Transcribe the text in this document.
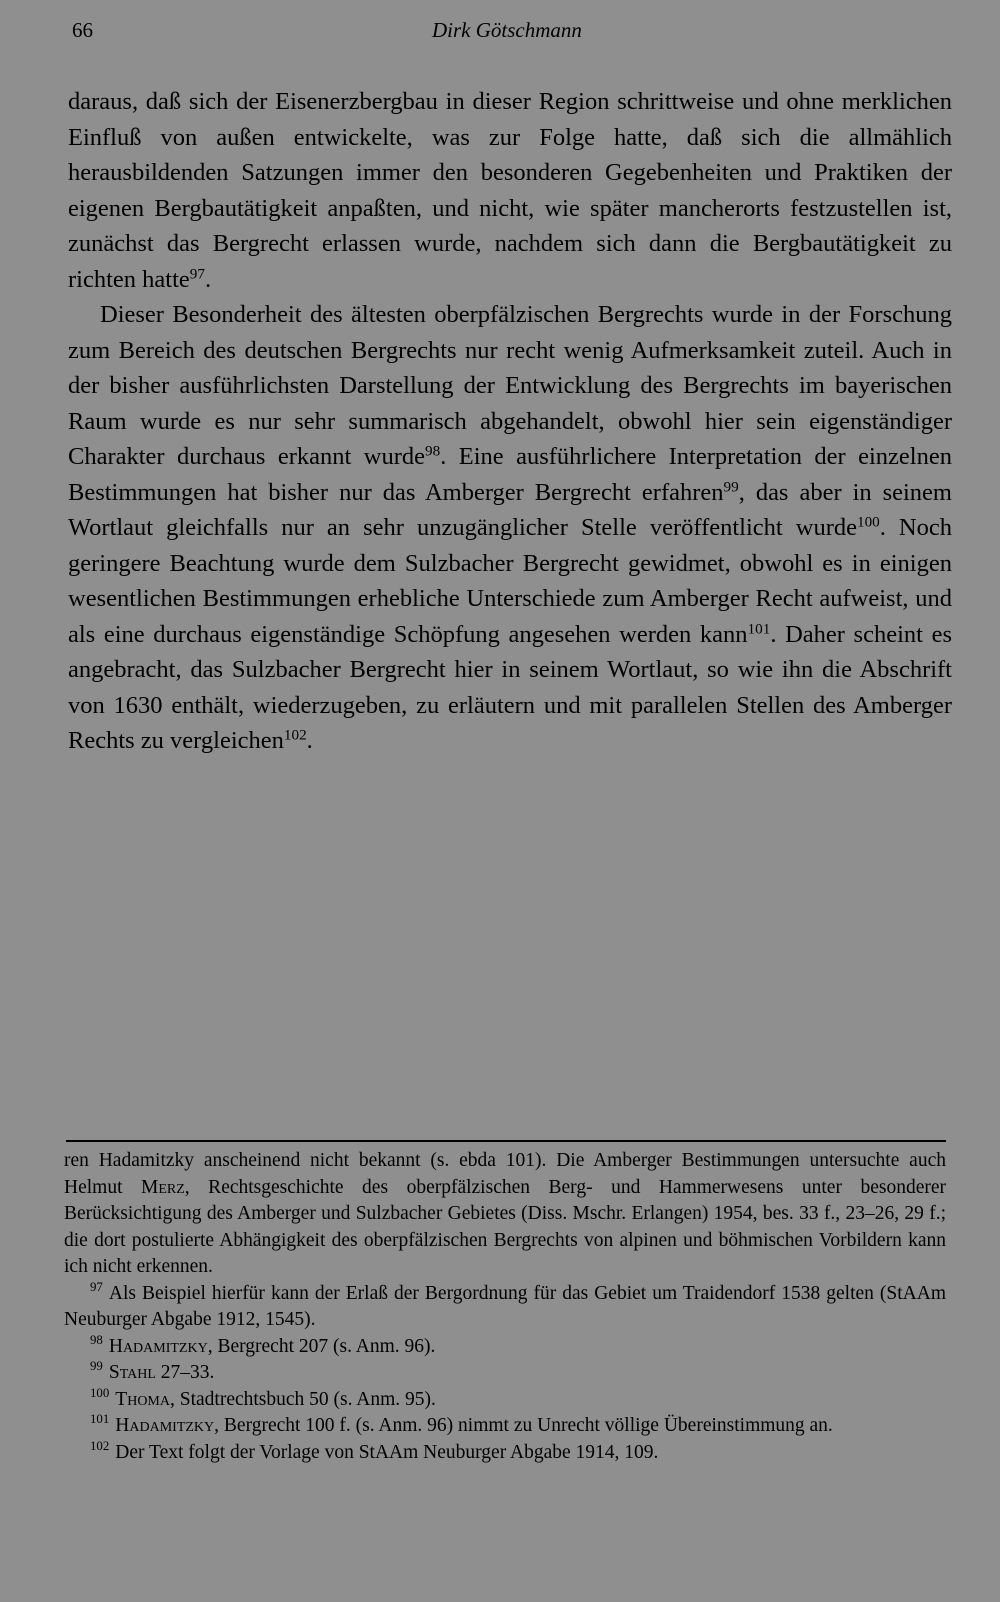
66	Dirk Götschmann

daraus, daß sich der Eisenerzbergbau in dieser Region schrittweise und ohne merklichen Einfluß von außen entwickelte, was zur Folge hatte, daß sich die allmählich herausbildenden Satzungen immer den besonderen Gegebenheiten und Praktiken der eigenen Bergbautätigkeit anpaßten, und nicht, wie später mancherorts festzustellen ist, zunächst das Bergrecht erlassen wurde, nachdem sich dann die Bergbautätigkeit zu richten hatte$^{97}$.

Dieser Besonderheit des ältesten oberpfälzischen Bergrechts wurde in der Forschung zum Bereich des deutschen Bergrechts nur recht wenig Aufmerksamkeit zuteil. Auch in der bisher ausführlichsten Darstellung der Entwicklung des Bergrechts im bayerischen Raum wurde es nur sehr summarisch abgehandelt, obwohl hier sein eigenständiger Charakter durchaus erkannt wurde$^{98}$. Eine ausführlichere Interpretation der einzelnen Bestimmungen hat bisher nur das Amberger Bergrecht erfahren$^{99}$, das aber in seinem Wortlaut gleichfalls nur an sehr unzugänglicher Stelle veröffentlicht wurde$^{100}$. Noch geringere Beachtung wurde dem Sulzbacher Bergrecht gewidmet, obwohl es in einigen wesentlichen Bestimmungen erhebliche Unterschiede zum Amberger Recht aufweist, und als eine durchaus eigenständige Schöpfung angesehen werden kann$^{101}$. Daher scheint es angebracht, das Sulzbacher Bergrecht hier in seinem Wortlaut, so wie ihn die Abschrift von 1630 enthält, wiederzugeben, zu erläutern und mit parallelen Stellen des Amberger Rechts zu vergleichen$^{102}$.

ren Hadamitzky anscheinend nicht bekannt (s. ebda 101). Die Amberger Bestimmungen untersuchte auch Helmut Merz, Rechtsgeschichte des oberpfälzischen Berg- und Hammerwesens unter besonderer Berücksichtigung des Amberger und Sulzbacher Gebietes (Diss. Mschr. Erlangen) 1954, bes. 33 f., 23–26, 29 f.; die dort postulierte Abhängigkeit des oberpfälzischen Bergrechts von alpinen und böhmischen Vorbildern kann ich nicht erkennen.

$^{97}$ Als Beispiel hierfür kann der Erlaß der Bergordnung für das Gebiet um Traidendorf 1538 gelten (StAAm Neuburger Abgabe 1912, 1545).

$^{98}$ Hadamitzky, Bergrecht 207 (s. Anm. 96).

$^{99}$ Stahl 27–33.

$^{100}$ Thoma, Stadtrechtsbuch 50 (s. Anm. 95).

$^{101}$ Hadamitzky, Bergrecht 100 f. (s. Anm. 96) nimmt zu Unrecht völlige Übereinstimmung an.

$^{102}$ Der Text folgt der Vorlage von StAAm Neuburger Abgabe 1914, 109.
